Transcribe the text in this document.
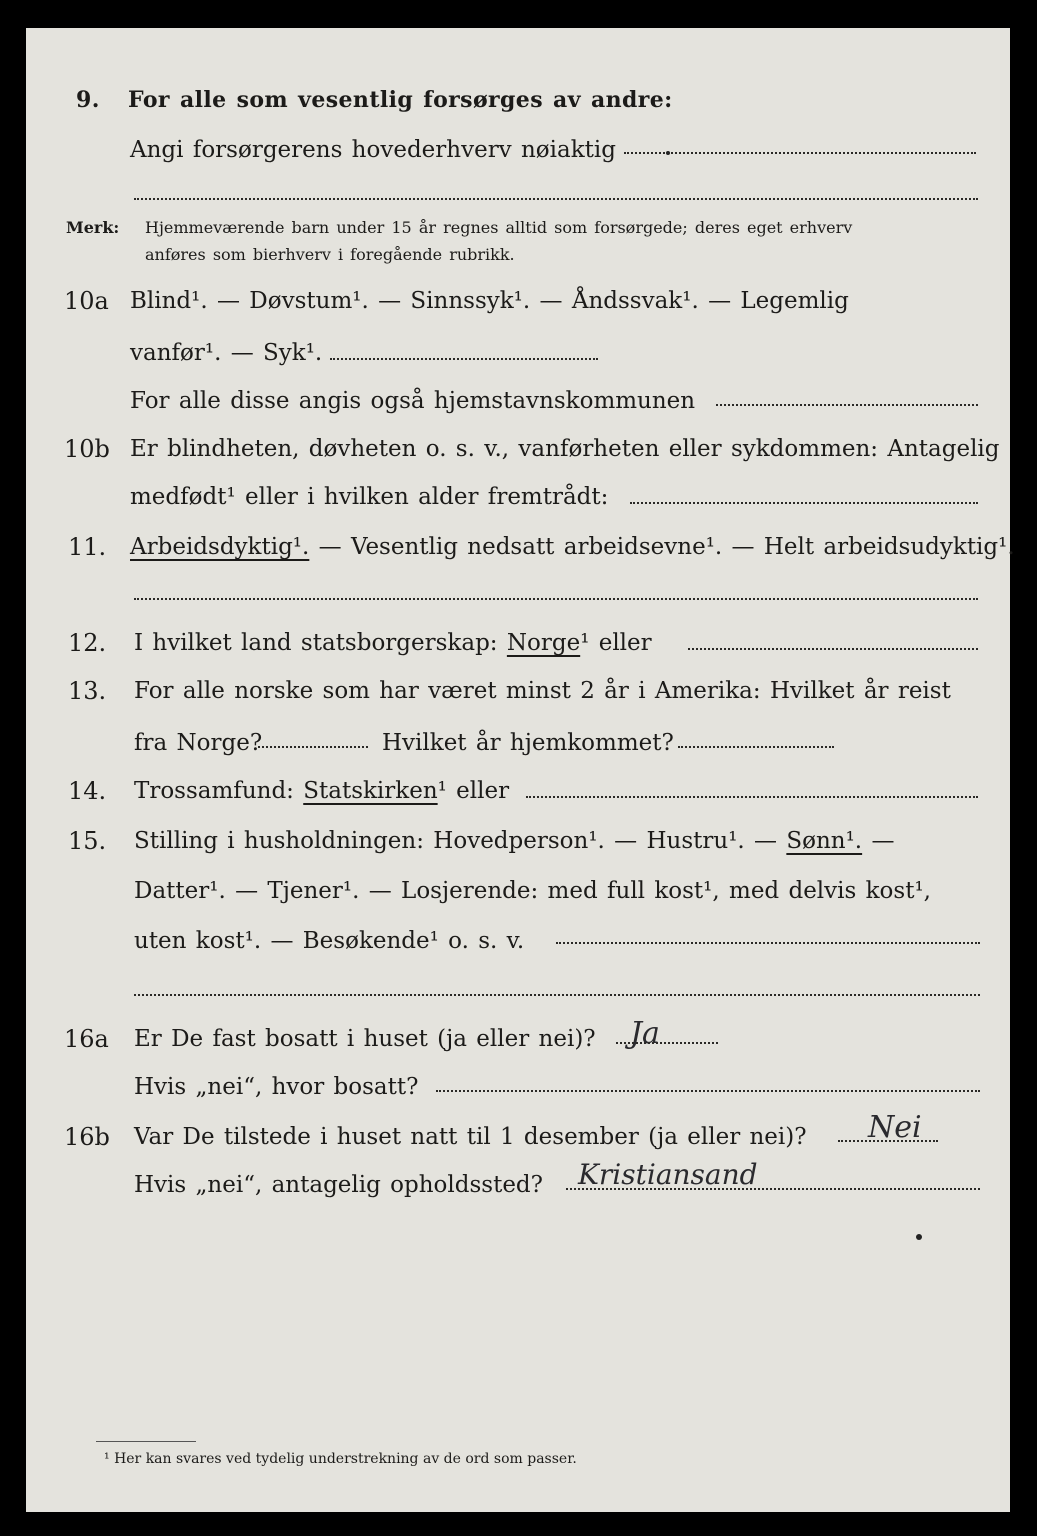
9. For alle som vesentlig forsørges av andre:
Angi forsørgerens hovederhverv nøiaktig
Merk: Hjemmeværende barn under 15 år regnes alltid som forsørgede; deres eget erhverv
anføres som bierhverv i foregående rubrikk.
10a Blind¹. — Døvstum¹. — Sinnssyk¹. — Åndssvak¹. — Legemlig
vanfør¹. — Syk¹.
For alle disse angis også hjemstavnskommunen
10b Er blindheten, døvheten o. s. v., vanførheten eller sykdommen: Antagelig
medfødt¹ eller i hvilken alder fremtrådt:
11. Arbeidsdyktig¹. — Vesentlig nedsatt arbeidsevne¹. — Helt arbeidsudyktig¹.
12. I hvilket land statsborgerskap: Norge¹ eller
13. For alle norske som har været minst 2 år i Amerika: Hvilket år reist
fra Norge?	Hvilket år hjemkommet?
14. Trossamfund: Statskirken¹ eller
15. Stilling i husholdningen: Hovedperson¹. — Hustru¹. — Sønn¹. —
Datter¹. — Tjener¹. — Losjerende: med full kost¹, med delvis kost¹,
uten kost¹. — Besøkende¹ o. s. v.
16a Er De fast bosatt i huset (ja eller nei)? Ja
Hvis „nei“, hvor bosatt?
16b Var De tilstede i huset natt til 1 desember (ja eller nei)? Nei
Hvis „nei“, antagelig opholdssted? Kristiansand
¹ Her kan svares ved tydelig understrekning av de ord som passer.
